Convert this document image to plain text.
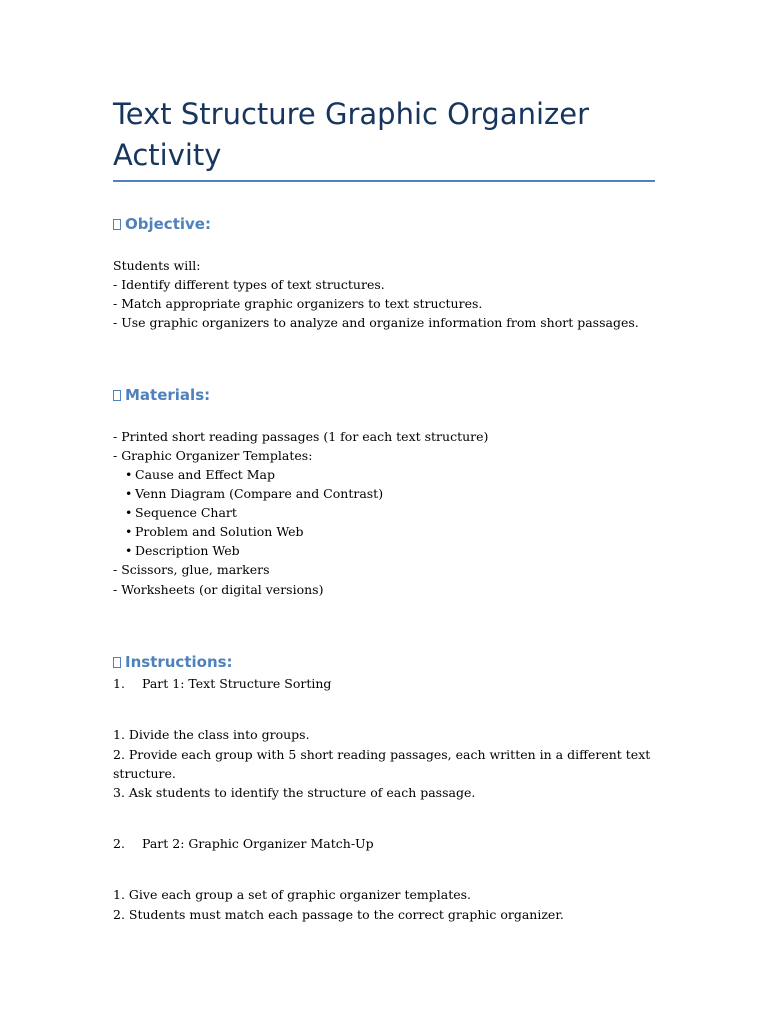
Text Structure Graphic Organizer
Activity
Objective:
Students will:
- Identify different types of text structures.
- Match appropriate graphic organizers to text structures.
- Use graphic organizers to analyze and organize information from short passages.
Materials:
- Printed short reading passages (1 for each text structure)
- Graphic Organizer Templates:
• Cause and Effect Map
• Venn Diagram (Compare and Contrast)
• Sequence Chart
• Problem and Solution Web
• Description Web
- Scissors, glue, markers
- Worksheets (or digital versions)
Instructions:
1. Part 1: Text Structure Sorting
1. Divide the class into groups.
2. Provide each group with 5 short reading passages, each written in a different text
structure.
3. Ask students to identify the structure of each passage.
2. Part 2: Graphic Organizer Match-Up
1. Give each group a set of graphic organizer templates.
2. Students must match each passage to the correct graphic organizer.
